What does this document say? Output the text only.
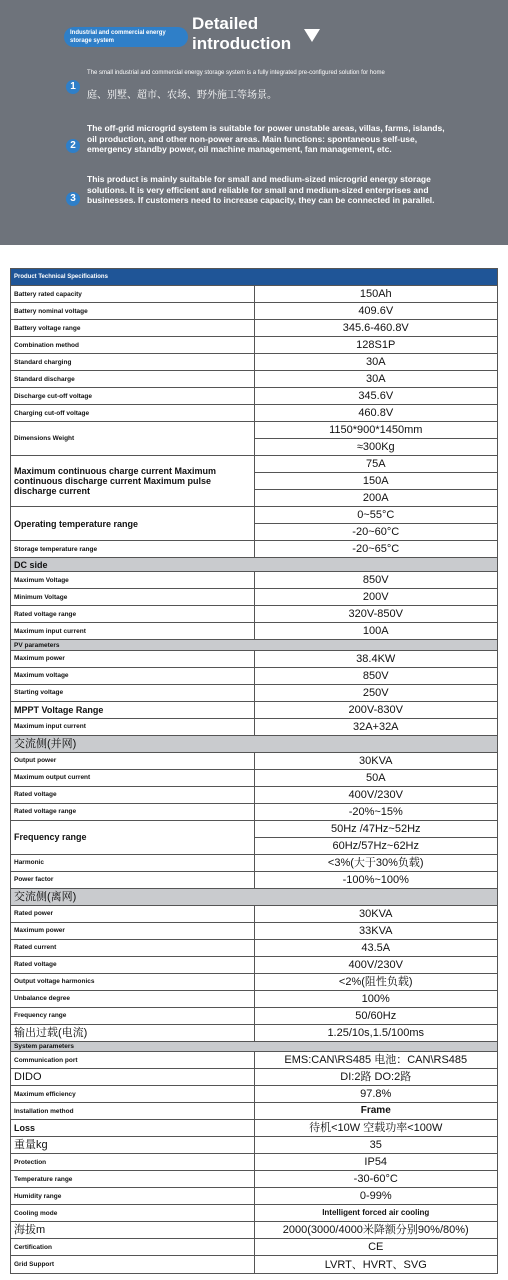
Industrial and commercial energy storage system
Detailed introduction
1
The small industrial and commercial energy storage system is a fully integrated pre-configured solution for home
庭、别墅、超市、农场、野外施工等场景。
2
The off-grid microgrid system is suitable for power unstable areas, villas, farms, islands, oil production, and other non-power areas. Main functions: spontaneous self-use, emergency standby power, oil machine management, fan management, etc.
3
This product is mainly suitable for small and medium-sized microgrid energy storage solutions. It is very efficient and reliable for small and medium-sized enterprises and businesses. If customers need to increase capacity, they can be connected in parallel.
Product Technical Specifications	
Battery rated capacity	150Ah
Battery nominal voltage	409.6V
Battery voltage range	345.6-460.8V
Combination method	128S1P
Standard charging	30A
Standard discharge	30A
Discharge cut-off voltage	345.6V
Charging cut-off voltage	460.8V
Dimensions Weight	1150*900*1450mm
	≈300Kg
Maximum continuous charge current Maximum continuous discharge current Maximum pulse discharge current	75A
	150A
	200A
Operating temperature range	0~55°C
	-20~60°C
Storage temperature range	-20~65°C
DC side	
Maximum Voltage	850V
Minimum Voltage	200V
Rated voltage range	320V-850V
Maximum input current	100A
PV parameters	
Maximum power	38.4KW
Maximum voltage	850V
Starting voltage	250V
MPPT Voltage Range	200V-830V
Maximum input current	32A+32A
交流侧(并网)	
Output power	30KVA
Maximum output current	50A
Rated voltage	400V/230V
Rated voltage range	-20%~15%
Frequency range	50Hz /47Hz~52Hz
	60Hz/57Hz~62Hz
Harmonic	<3%(大于30%负载)
Power factor	-100%~100%
交流侧(离网)	
Rated power	30KVA
Maximum power	33KVA
Rated current	43.5A
Rated voltage	400V/230V
Output voltage harmonics	<2%(阻性负载)
Unbalance degree	100%
Frequency range	50/60Hz
输出过载(电流)	1.25/10s,1.5/100ms
System parameters	
Communication port	EMS:CAN\RS485 电池：CAN\RS485
DIDO	DI:2路 DO:2路
Maximum efficiency	97.8%
Installation method	Frame
Loss	待机<10W 空载功率<100W
重量kg	35
Protection	IP54
Temperature range	-30-60°C
Humidity range	0-99%
Cooling mode	Intelligent forced air cooling
海拔m	2000(3000/4000米降额分别90%/80%)
Certification	CE
Grid Support	LVRT、HVRT、SVG
